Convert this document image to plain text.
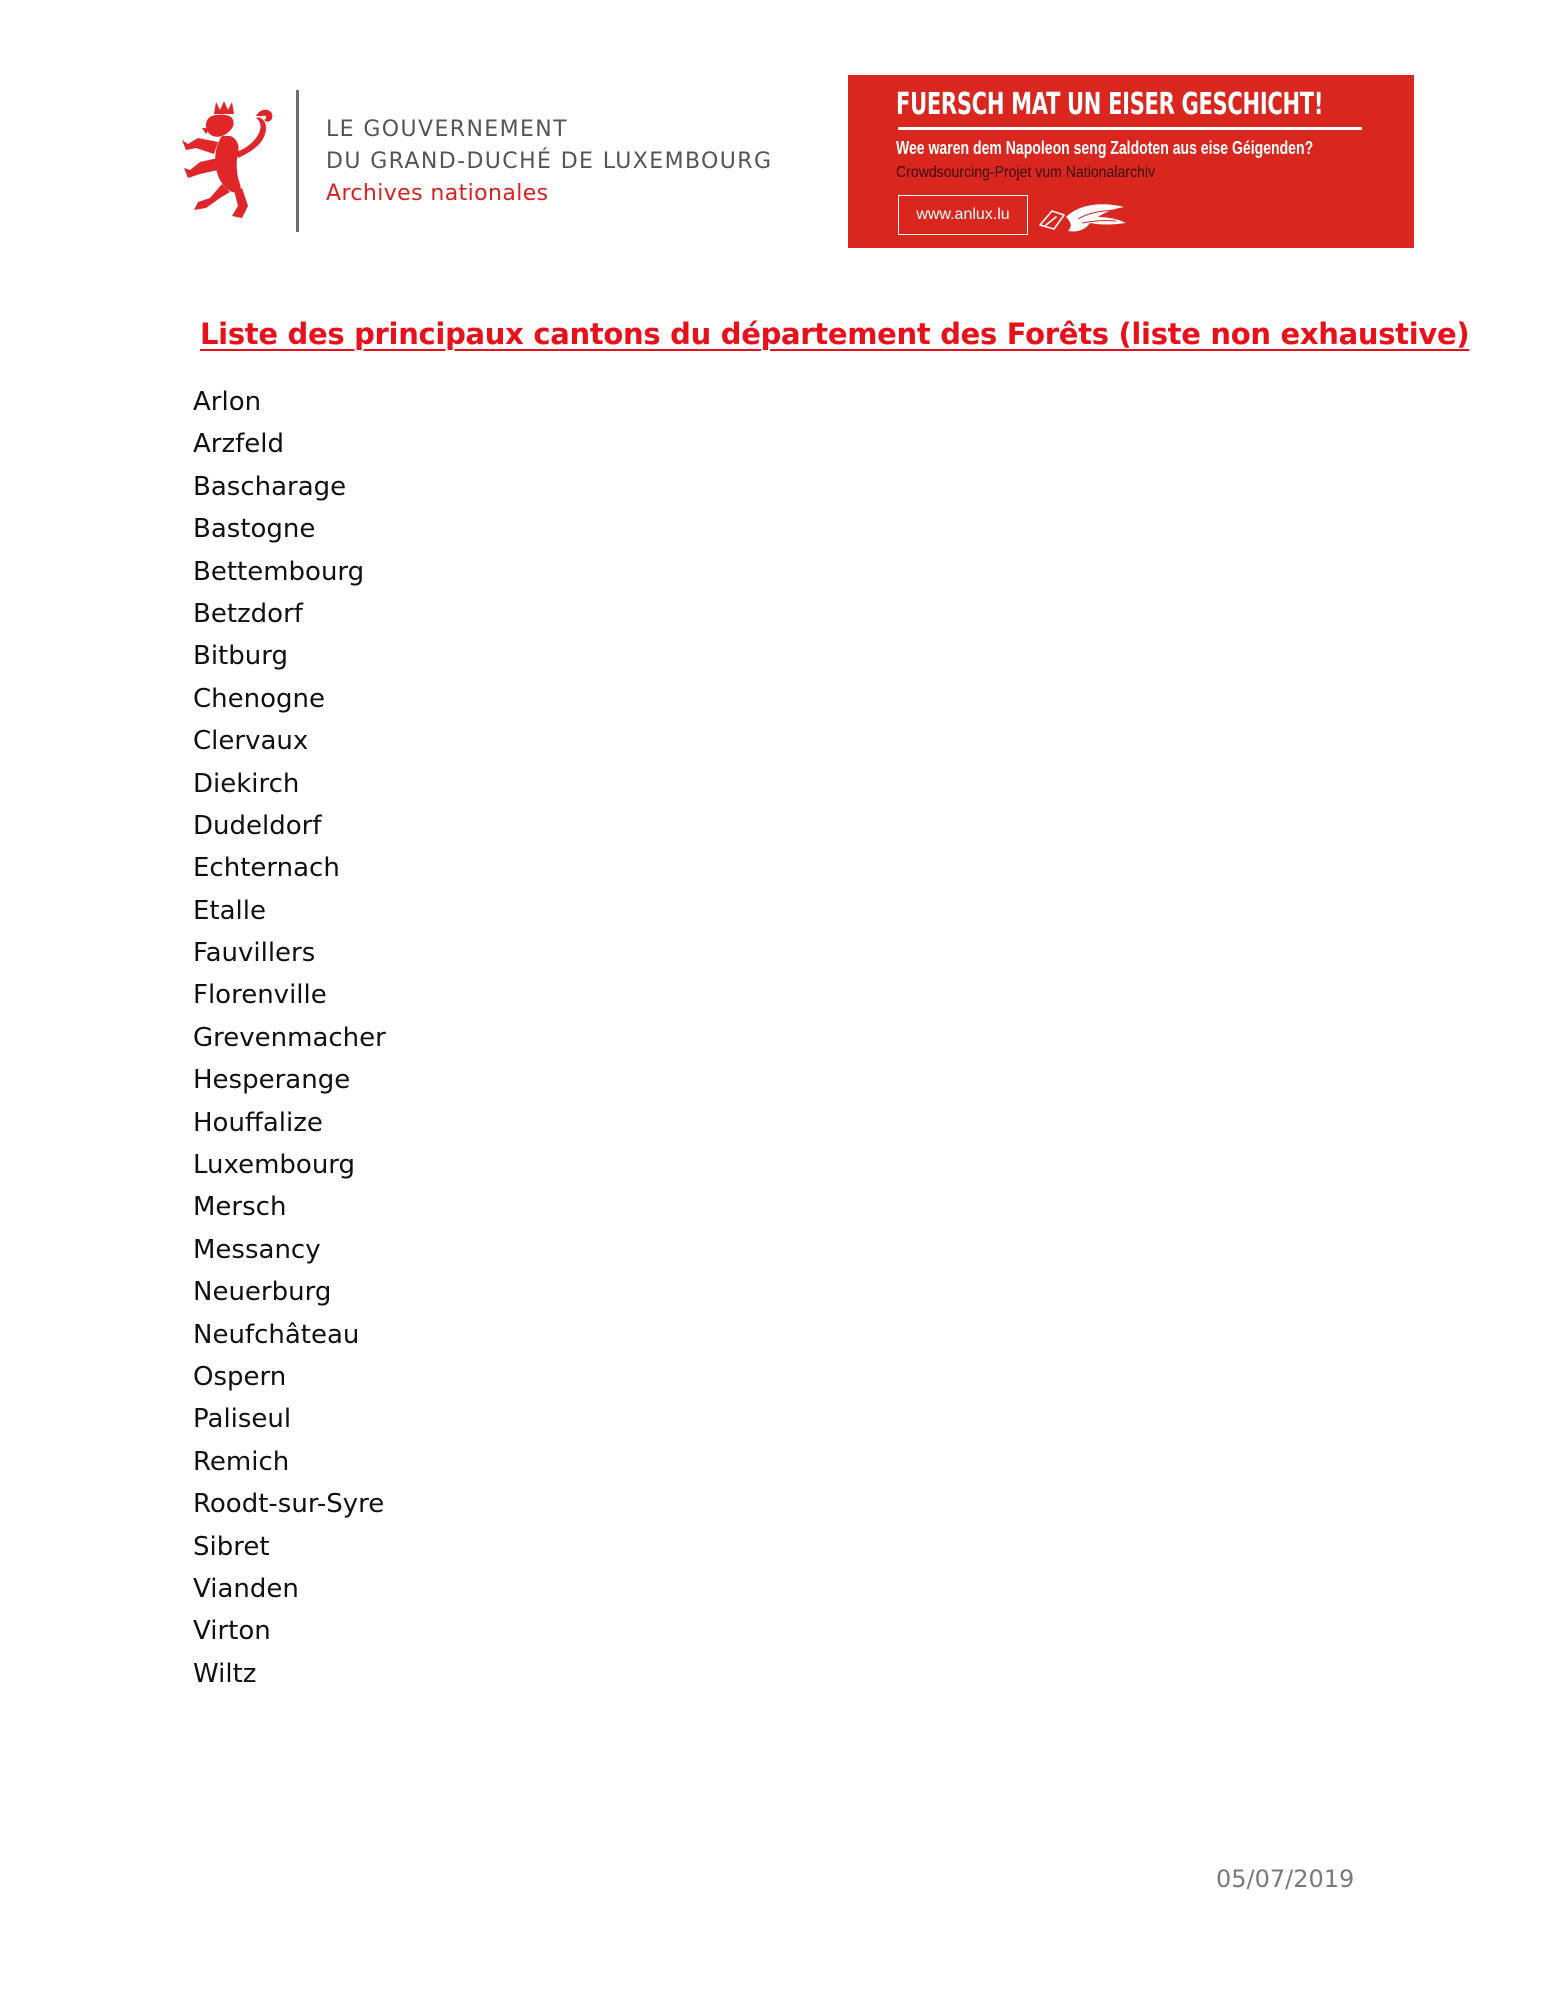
LE GOUVERNEMENT
DU GRAND-DUCHÉ DE LUXEMBOURG
Archives nationales
FUERSCH MAT UN EISER GESCHICHT!
Wee waren dem Napoleon seng Zaldoten aus eise Géigenden?
Crowdsourcing-Projet vum Nationalarchiv
www.anlux.lu
Liste des principaux cantons du département des Forêts (liste non exhaustive)
Arlon
Arzfeld
Bascharage
Bastogne
Bettembourg
Betzdorf
Bitburg
Chenogne
Clervaux
Diekirch
Dudeldorf
Echternach
Etalle
Fauvillers
Florenville
Grevenmacher
Hesperange
Houffalize
Luxembourg
Mersch
Messancy
Neuerburg
Neufchâteau
Ospern
Paliseul
Remich
Roodt-sur-Syre
Sibret
Vianden
Virton
Wiltz
05/07/2019
